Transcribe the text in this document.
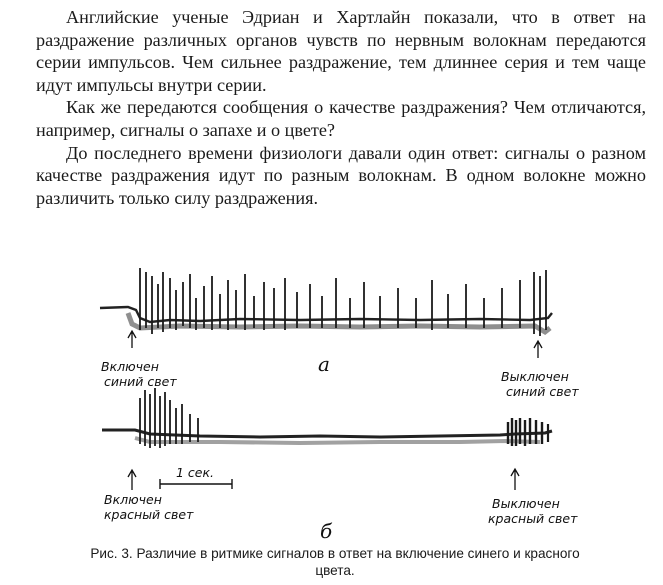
Английские ученые Эдриан и Хартлайн показали, что в ответ на раздражение различных органов чувств по нервным волокнам передаются серии импульсов. Чем сильнее раздражение, тем длиннее серия и тем чаще идут импульсы внутри серии.

Как же передаются сообщения о качестве раздражения? Чем отличаются, например, сигналы о запахе и о цвете?

До последнего времени физиологи давали один ответ: сигналы о разном качестве раздражения идут по разным волокнам. В одном волокне можно различить только силу раздражения.

Включен
синий свет
а
Выключен
синий свет
1 сек.
Включен
красный свет
б
Выключен
красный свет
Рис. 3. Различие в ритмике сигналов в ответ на включение синего и красного цвета.
